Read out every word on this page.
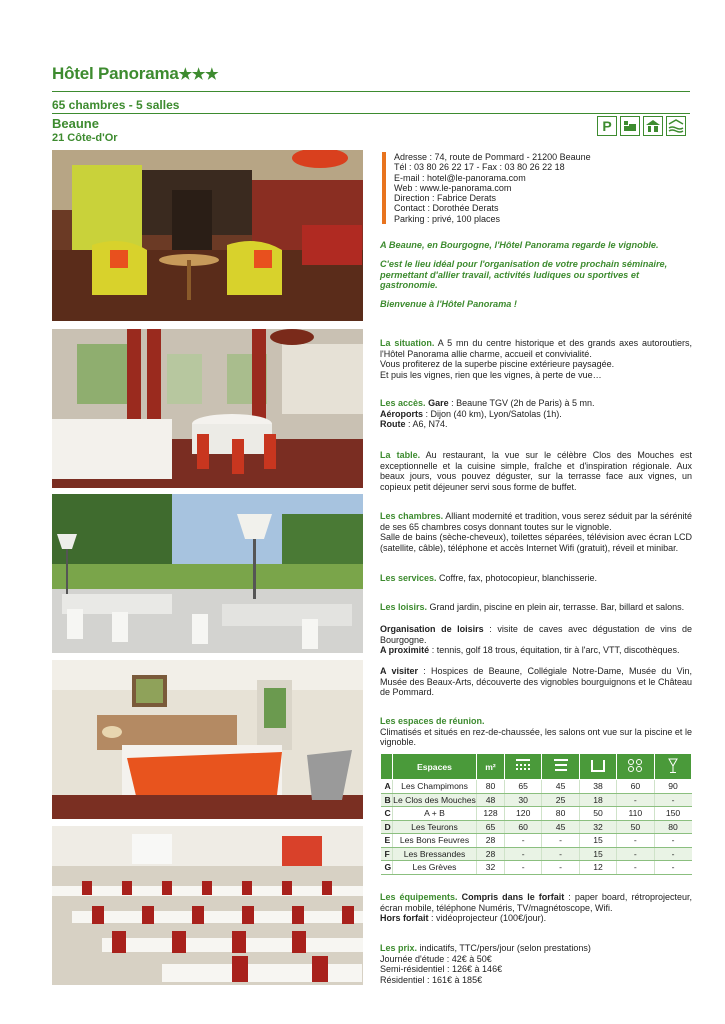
Hôtel Panorama★★★
65 chambres - 5 salles
Beaune
21 Côte-d'Or
P
Adresse : 74, route de Pommard - 21200 Beaune
Tél : 03 80 26 22 17 - Fax : 03 80 26 22 18
E-mail : hotel@le-panorama.com
Web : www.le-panorama.com
Direction : Fabrice Derats
Contact : Dorothée Derats
Parking : privé, 100 places

A Beaune, en Bourgogne, l'Hôtel Panorama regarde le vignoble.

C'est le lieu idéal pour l'organisation de votre prochain séminaire, permettant d'allier travail, activités ludiques ou sportives et gastronomie.

Bienvenue à l'Hôtel Panorama !

La situation. A 5 mn du centre historique et des grands axes autoroutiers, l'Hôtel Panorama allie charme, accueil et convivialité.
Vous profiterez de la superbe piscine extérieure paysagée.
Et puis les vignes, rien que les vignes, à perte de vue…
Les accès. Gare : Beaune TGV (2h de Paris) à 5 mn.
Aéroports : Dijon (40 km), Lyon/Satolas (1h).
Route : A6, N74.
La table. Au restaurant, la vue sur le célèbre Clos des Mouches est exceptionnelle et la cuisine simple, fraîche et d'inspiration régionale. Aux beaux jours, vous pouvez déguster, sur la terrasse face aux vignes, un copieux petit déjeuner servi sous forme de buffet.
Les chambres. Alliant modernité et tradition, vous serez séduit par la sérénité de ses 65 chambres cosys donnant toutes sur le vignoble.
Salle de bains (sèche-cheveux), toilettes séparées, télévision avec écran LCD (satellite, câble), téléphone et accès Internet Wifi (gratuit), réveil et minibar.
Les services. Coffre, fax, photocopieur, blanchisserie.
Les loisirs. Grand jardin, piscine en plein air, terrasse. Bar, billard et salons.
Organisation de loisirs : visite de caves avec dégustation de vins de Bourgogne.
A proximité : tennis, golf 18 trous, équitation, tir à l'arc, VTT, discothèques.
A visiter : Hospices de Beaune, Collégiale Notre-Dame, Musée du Vin, Musée des Beaux-Arts, découverte des vignobles bourguignons et le Château de Pommard.
Les espaces de réunion.
Climatisés et situés en rez-de-chaussée, les salons ont vue sur la piscine et le vignoble.
	Espaces	m²					
A	Les Champimons	80	65	45	38	60	90
B	Le Clos des Mouches	48	30	25	18	-	-
C	A + B	128	120	80	50	110	150
D	Les Teurons	65	60	45	32	50	80
E	Les Bons Feuvres	28	-	-	15	-	-
F	Les Bressandes	28	-	-	15	-	-
G	Les Grèves	32	-	-	12	-	-
Les équipements. Compris dans le forfait : paper board, rétroprojecteur, écran mobile, téléphone Numéris, TV/magnétoscope, Wifi.
Hors forfait : vidéoprojecteur (100€/jour).
Les prix. indicatifs, TTC/pers/jour (selon prestations)
Journée d'étude : 42€ à 50€
Semi-résidentiel : 126€ à 146€
Résidentiel : 161€ à 185€
